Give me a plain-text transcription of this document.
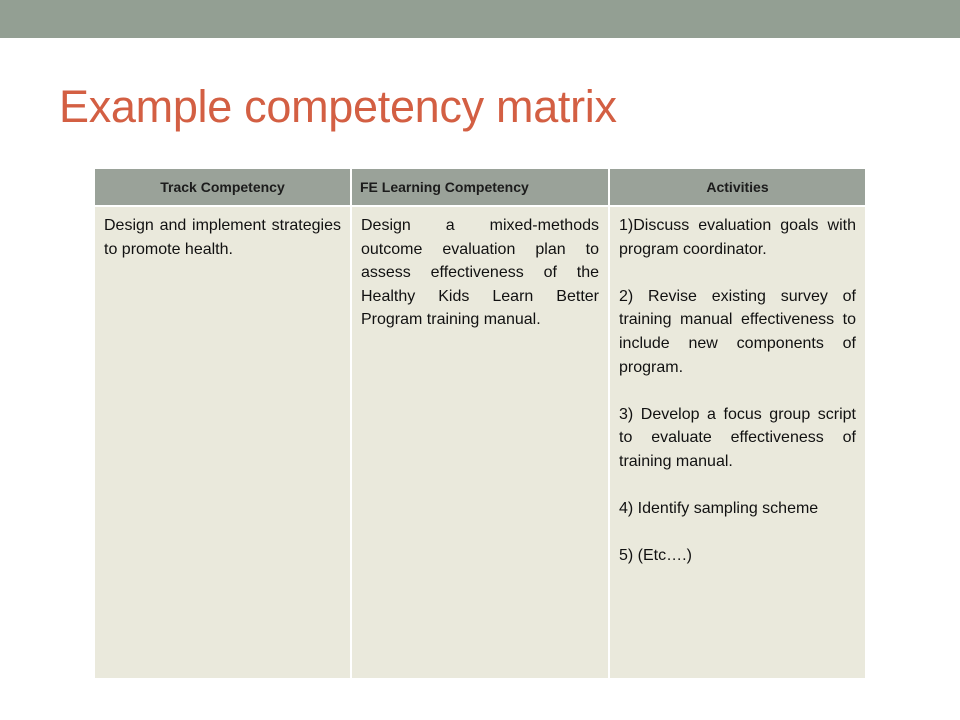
Example competency matrix
Track Competency	FE Learning Competency	Activities

Design and implement strategies to promote health.	Design a mixed-methods outcome evaluation plan to assess effectiveness of the Healthy Kids Learn Better Program training manual.	1)Discuss evaluation goals with program coordinator.

2) Revise existing survey of training manual effectiveness to include new components of program.

3) Develop a focus group script to evaluate effectiveness of training manual.

4) Identify sampling scheme

5) (Etc….)
